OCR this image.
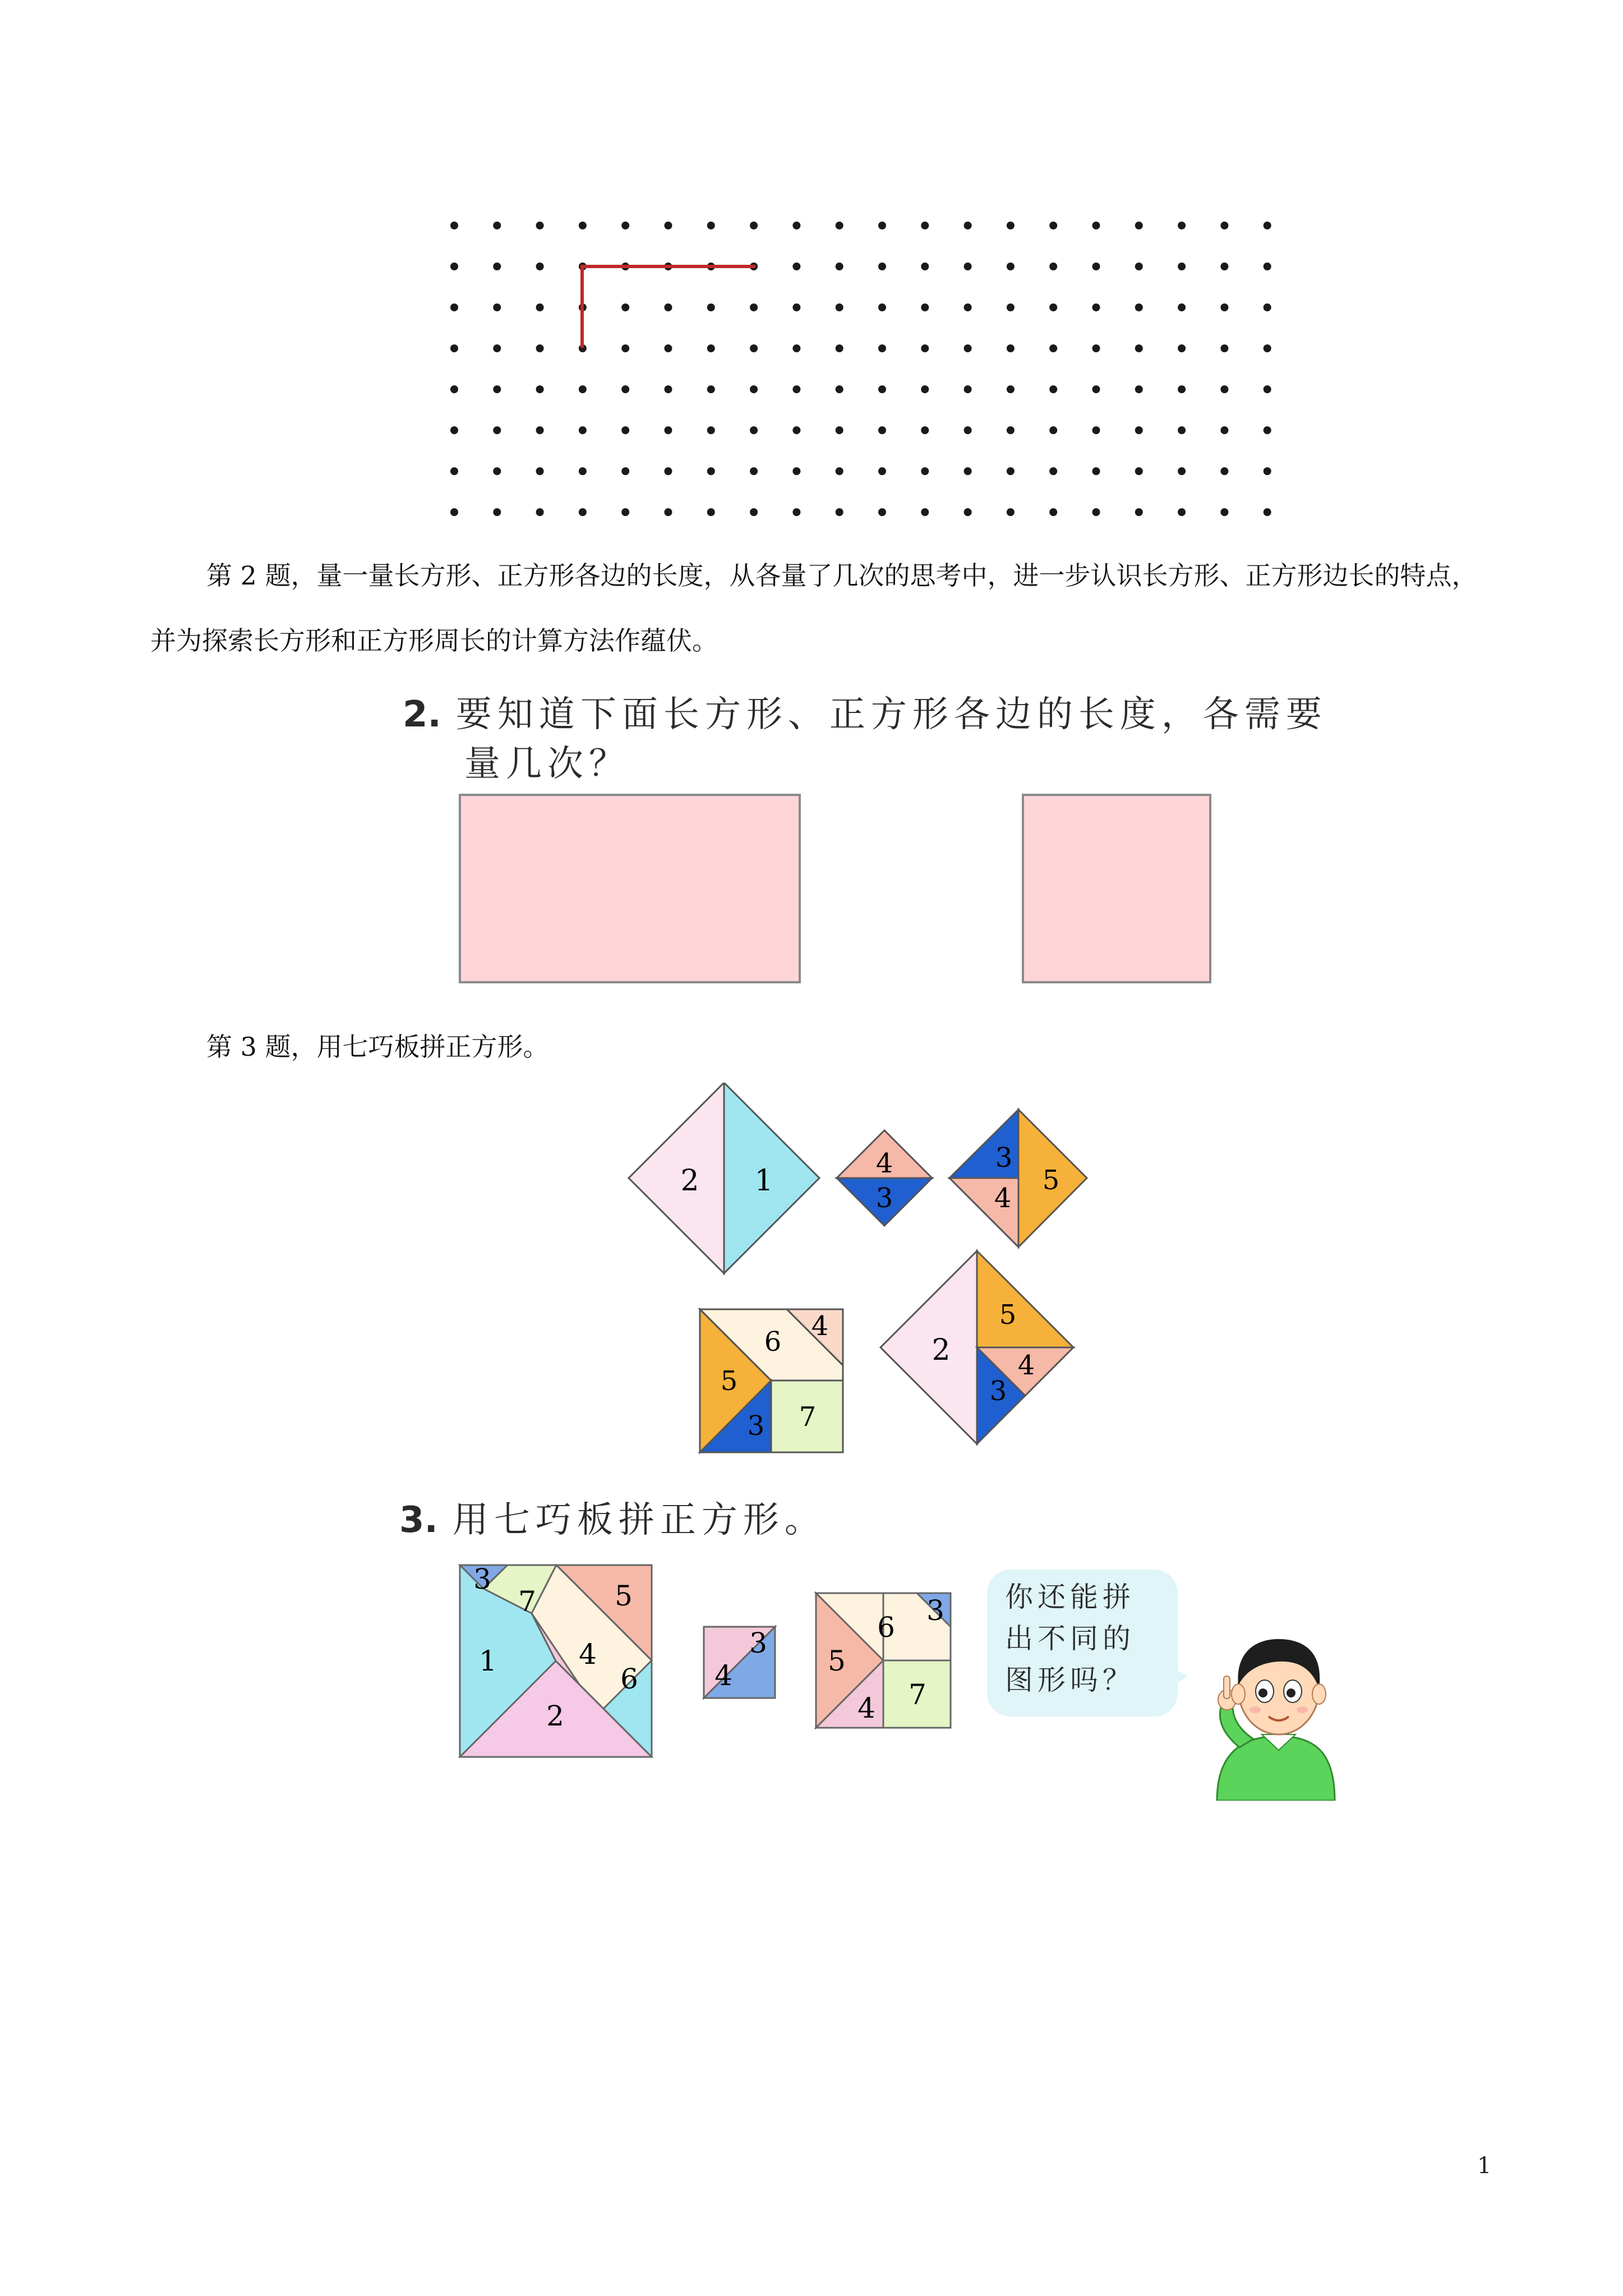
第 2 题，量一量长方形、正方形各边的长度，从各量了几次的思考中，进一步认识长方形、正方形边长的特点，并为探索长方形和正方形周长的计算方法作蕴伏。

2. 要知道下面长方形、正方形各边的长度，各需要
量几次？

第 3 题，用七巧板拼正方形。

2 1
4
3
3
4
5
6 4
5
3 7
2
5
4
3
3. 用七巧板拼正方形。
3
7	5
1	4
6
2
4
3	6
3
5
4 7
你还能拼
出不同的
图形吗？
1
